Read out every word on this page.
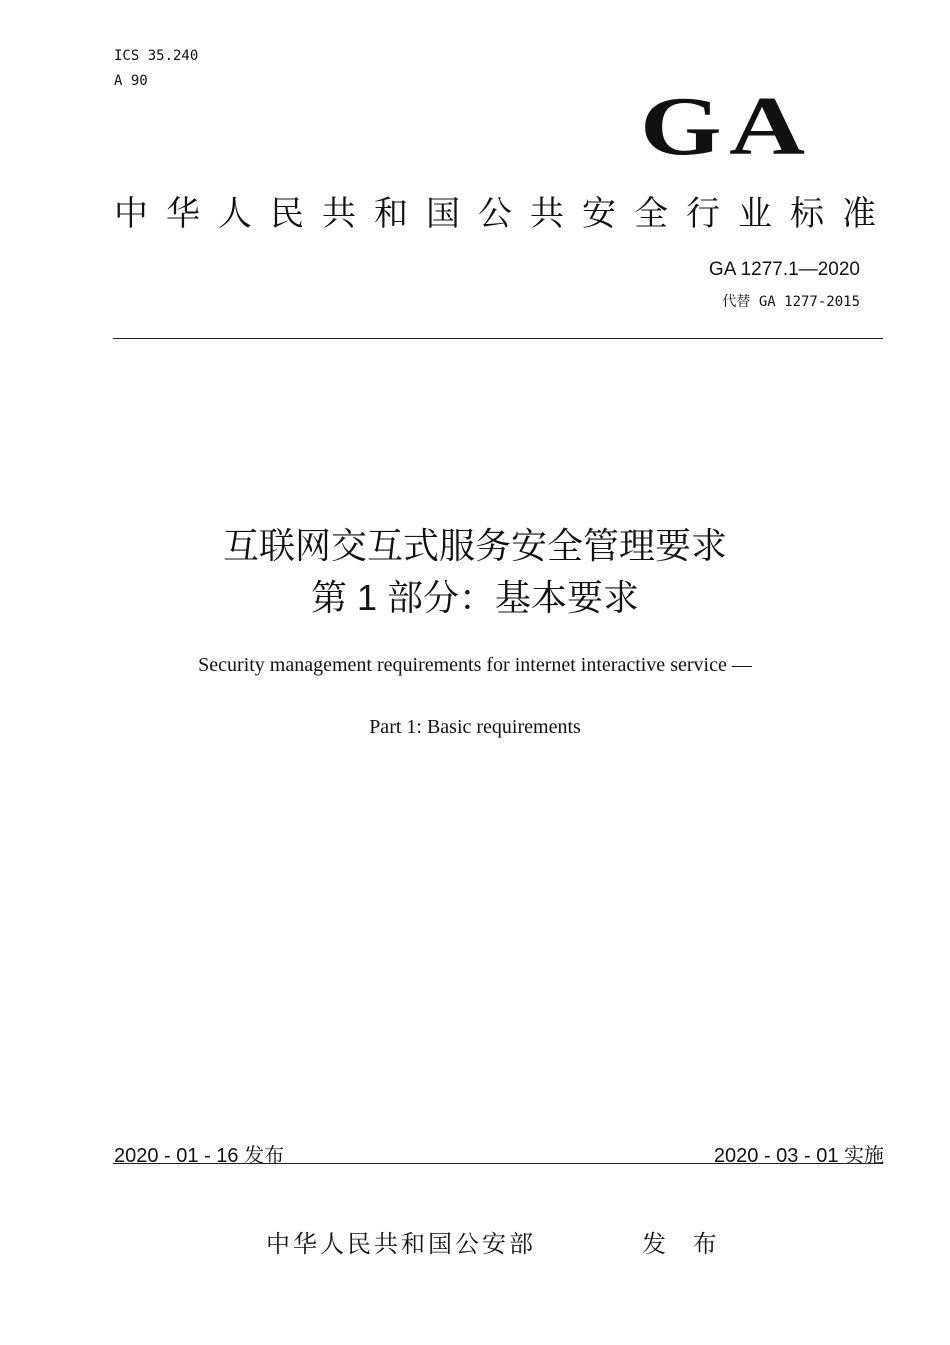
ICS 35.240
A 90	GA
中华人民共和国公共安全行业标准
GA 1277.1—2020
代替 GA 1277-2015
互联网交互式服务安全管理要求
第 1 部分：基本要求
Security management requirements for internet interactive service —
Part 1: Basic requirements
2020 - 01 - 16 发布	2020 - 03 - 01 实施
中华人民共和国公安部	发 布
